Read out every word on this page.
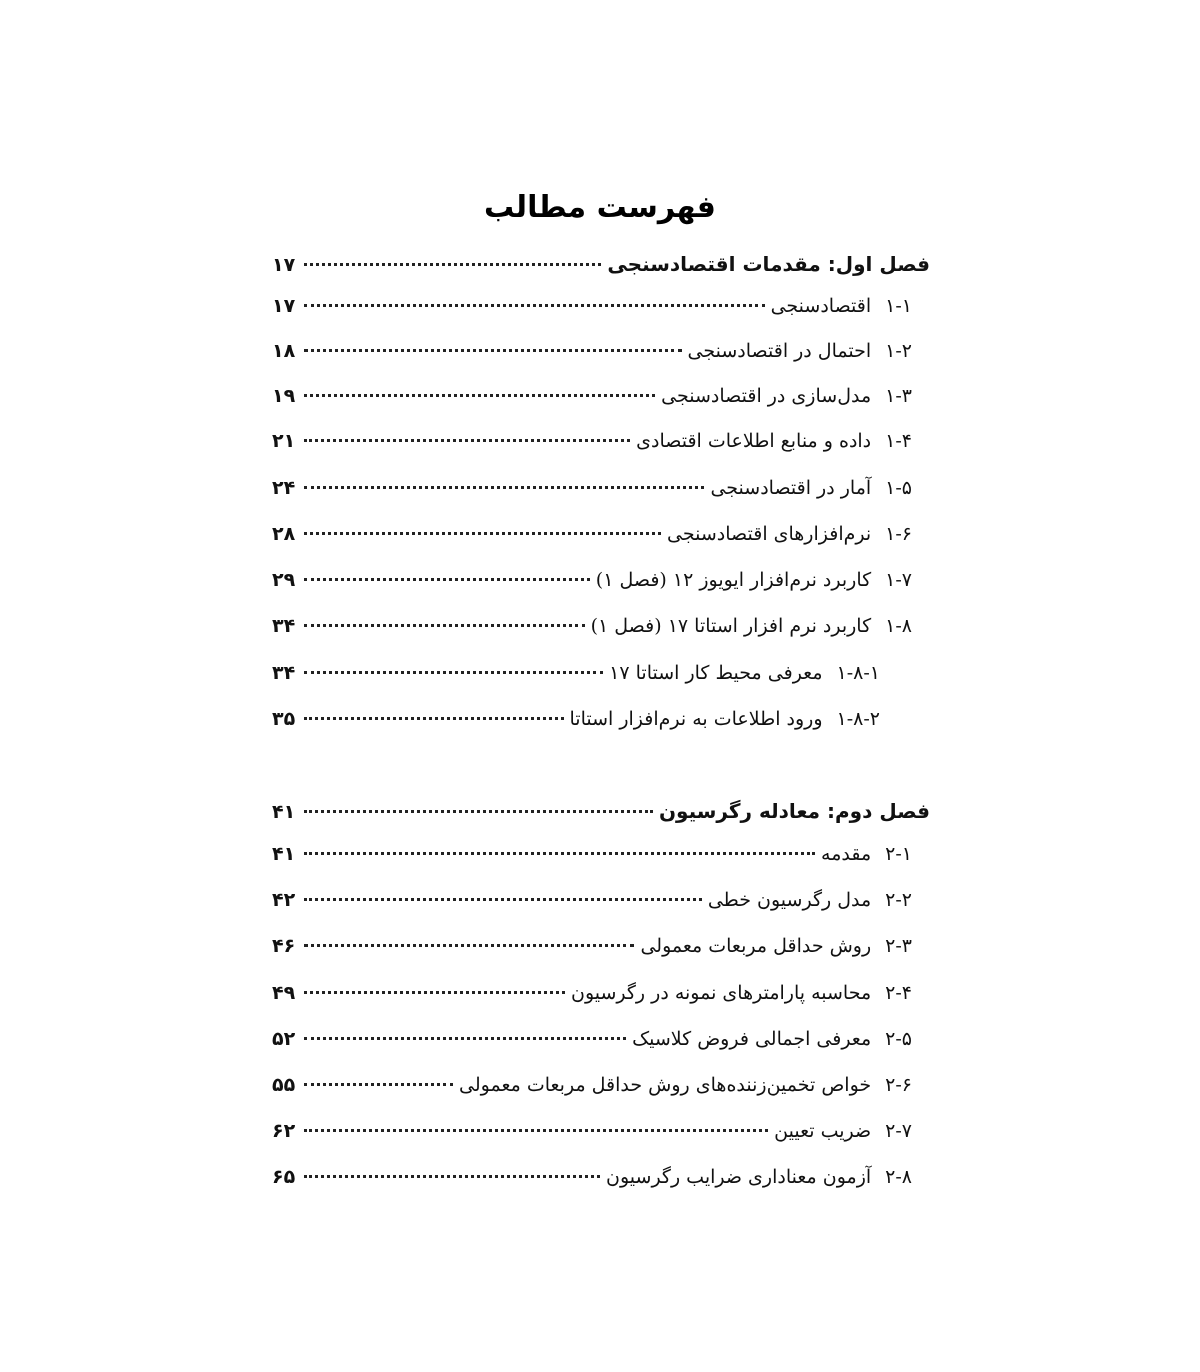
فهرست مطالب
فصل اول: مقدمات اقتصادسنجی
۱۷
۱-۱
اقتصادسنجی
۱۷
۱-۲
احتمال در اقتصادسنجی
۱۸
۱-۳
مدل‌سازی در اقتصادسنجی
۱۹
۱-۴
داده و منابع اطلاعات اقتصادی
۲۱
۱-۵
آمار در اقتصادسنجی
۲۴
۱-۶
نرم‌افزارهای اقتصادسنجی
۲۸
۱-۷
کاربرد نرم‌افزار ایویوز ۱۲ (فصل ۱)
۲۹
۱-۸
کاربرد نرم افزار استاتا ۱۷ (فصل ۱)
۳۴
۱-۸-۱
معرفی محیط کار استاتا ۱۷
۳۴
۱-۸-۲
ورود اطلاعات به نرم‌افزار استاتا
۳۵
فصل دوم: معادله رگرسیون
۴۱
۲-۱
مقدمه
۴۱
۲-۲
مدل رگرسیون خطی
۴۲
۲-۳
روش حداقل مربعات معمولی
۴۶
۲-۴
محاسبه پارامترهای نمونه در رگرسیون
۴۹
۲-۵
معرفی اجمالی فروض کلاسیک
۵۲
۲-۶
خواص تخمین‌زننده‌های روش حداقل مربعات معمولی
۵۵
۲-۷
ضریب تعیین
۶۲
۲-۸
آزمون معناداری ضرایب رگرسیون
۶۵
